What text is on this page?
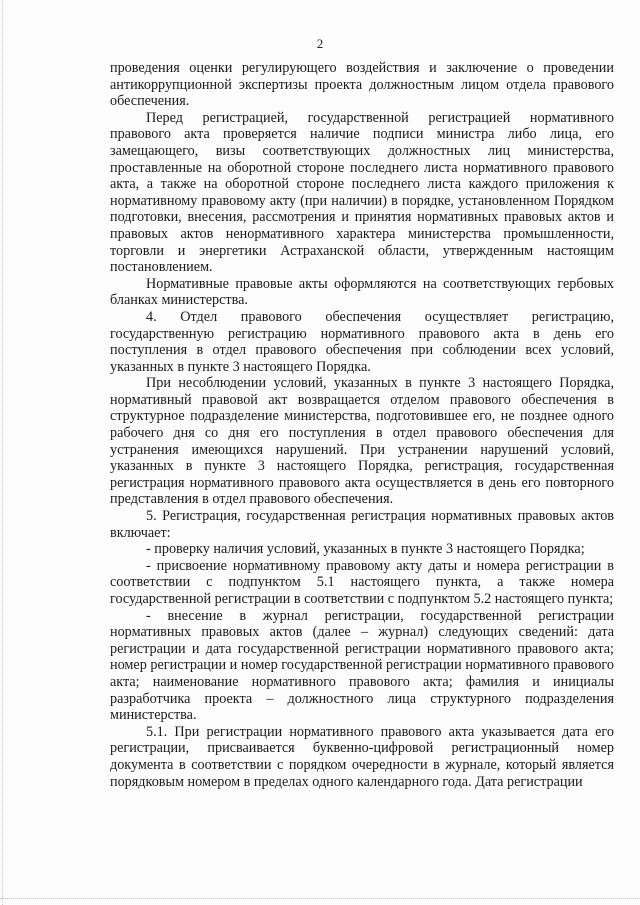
2

проведения оценки регулирующего воздействия и заключение о проведении антикоррупционной экспертизы проекта должностным лицом отдела правового обеспечения.

Перед регистрацией, государственной регистрацией нормативного правового акта проверяется наличие подписи министра либо лица, его замещающего, визы соответствующих должностных лиц министерства, проставленные на оборотной стороне последнего листа нормативного правового акта, а также на оборотной стороне последнего листа каждого приложения к нормативному правовому акту (при наличии) в порядке, установленном Порядком подготовки, внесения, рассмотрения и принятия нормативных правовых актов и правовых актов ненормативного характера министерства промышленности, торговли и энергетики Астраханской области, утвержденным настоящим постановлением.

Нормативные правовые акты оформляются на соответствующих гербовых бланках министерства.

4. Отдел правового обеспечения осуществляет регистрацию, государственную регистрацию нормативного правового акта в день его поступления в отдел правового обеспечения при соблюдении всех условий, указанных в пункте 3 настоящего Порядка.

При несоблюдении условий, указанных в пункте 3 настоящего Порядка, нормативный правовой акт возвращается отделом правового обеспечения в структурное подразделение министерства, подготовившее его, не позднее одного рабочего дня со дня его поступления в отдел правового обеспечения для устранения имеющихся нарушений. При устранении нарушений условий, указанных в пункте 3 настоящего Порядка, регистрация, государственная регистрация нормативного правового акта осуществляется в день его повторного представления в отдел правового обеспечения.

5. Регистрация, государственная регистрация нормативных правовых актов включает:

- проверку наличия условий, указанных в пункте 3 настоящего Порядка;

- присвоение нормативному правовому акту даты и номера регистрации в соответствии с подпунктом 5.1 настоящего пункта, а также номера государственной регистрации в соответствии с подпунктом 5.2 настоящего пункта;

- внесение в журнал регистрации, государственной регистрации нормативных правовых актов (далее – журнал) следующих сведений: дата регистрации и дата государственной регистрации нормативного правового акта; номер регистрации и номер государственной регистрации нормативного правового акта; наименование нормативного правового акта; фамилия и инициалы разработчика проекта – должностного лица структурного подразделения министерства.

5.1. При регистрации нормативного правового акта указывается дата его регистрации, присваивается буквенно-цифровой регистрационный номер документа в соответствии с порядком очередности в журнале, который является порядковым номером в пределах одного календарного года. Дата регистрации
